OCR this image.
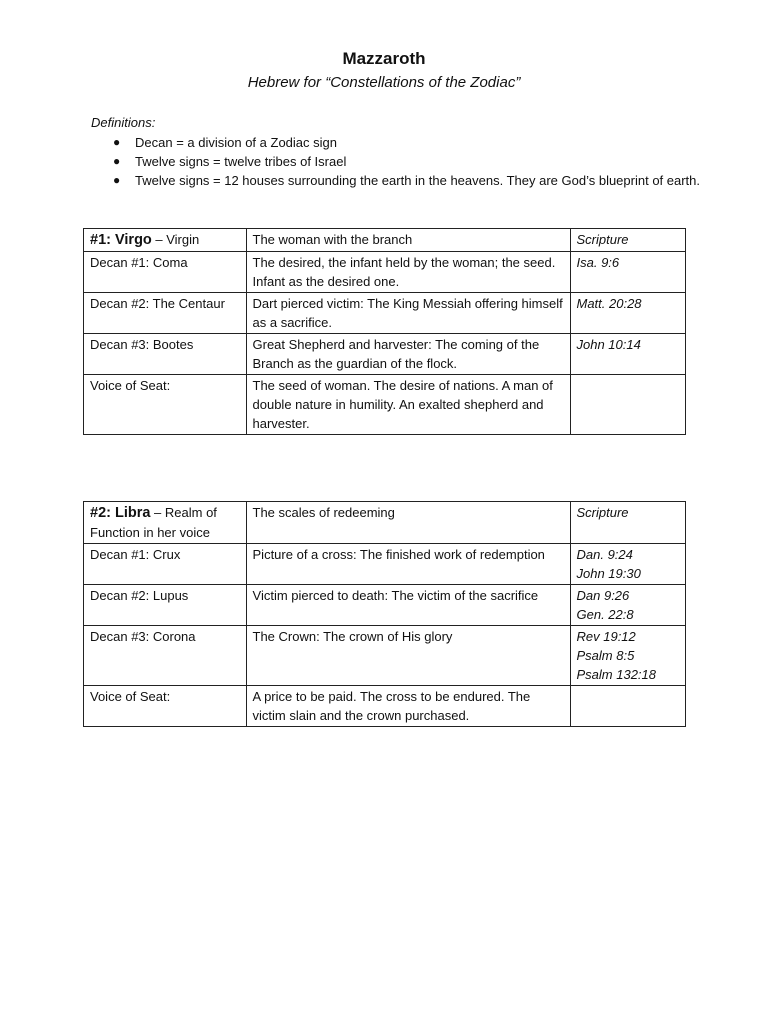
Mazzaroth
Hebrew for “Constellations of the Zodiac”
Definitions:
● Decan = a division of a Zodiac sign
● Twelve signs = twelve tribes of Israel
● Twelve signs = 12 houses surrounding the earth in the heavens. They are God’s blueprint of earth.
#1: Virgo – Virgin	The woman with the branch	Scripture
Decan #1: Coma	The desired, the infant held by the woman; the seed. Infant as the desired one.	Isa. 9:6

Decan #2: The Centaur	Dart pierced victim: The King Messiah offering himself as a sacrifice.	Matt. 20:28

Decan #3: Bootes	Great Shepherd and harvester: The coming of the Branch as the guardian of the flock.	John 10:14

Voice of Seat:	The seed of woman. The desire of nations. A man of double nature in humility. An exalted shepherd and harvester.	
#2: Libra – Realm of Function in her voice	The scales of redeeming	Scripture
Decan #1: Crux	Picture of a cross: The finished work of redemption	Dan. 9:24
John 19:30

Decan #2: Lupus	Victim pierced to death: The victim of the sacrifice	Dan 9:26
Gen. 22:8

Decan #3: Corona	The Crown: The crown of His glory	Rev 19:12
Psalm 8:5
Psalm 132:18

Voice of Seat:	A price to be paid. The cross to be endured. The victim slain and the crown purchased.	
